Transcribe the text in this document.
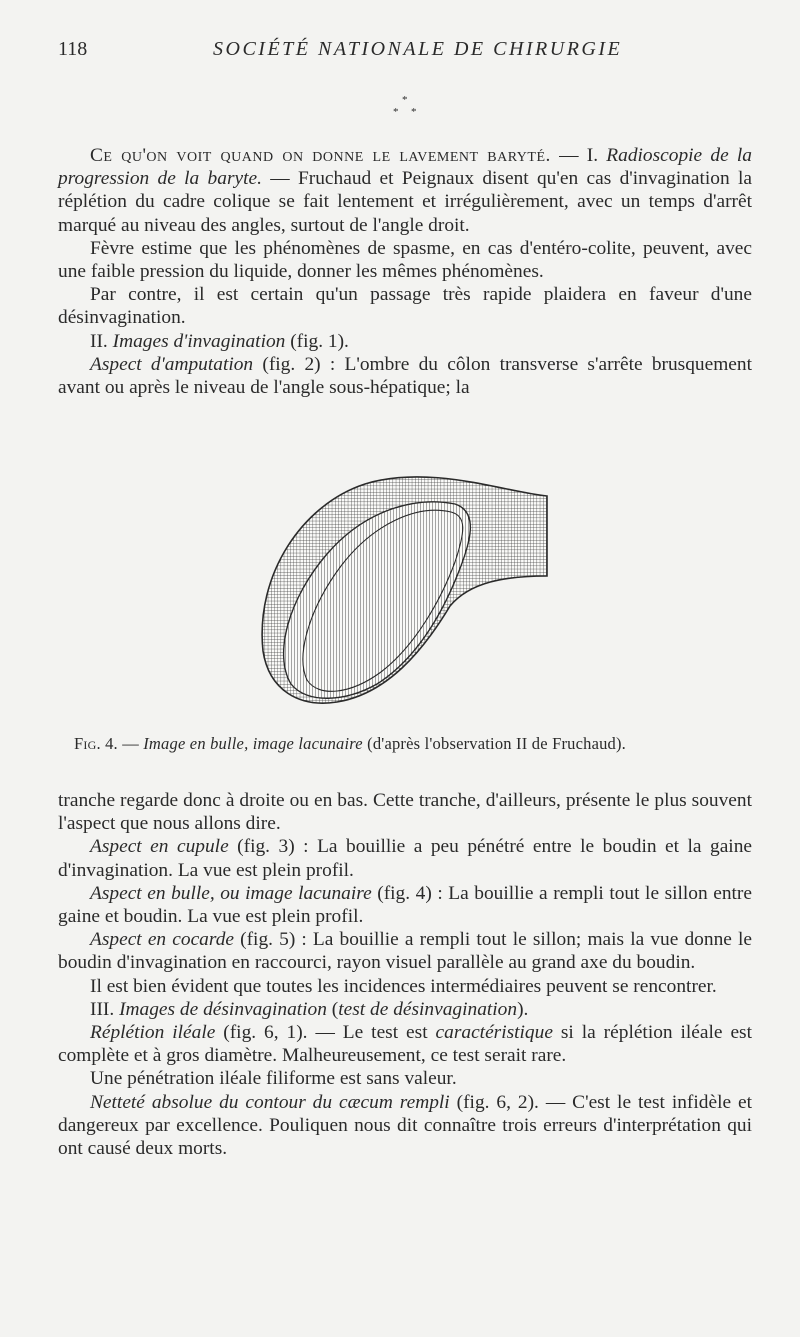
118	SOCIÉTÉ NATIONALE DE CHIRURGIE
*
* *

Ce qu'on voit quand on donne le lavement baryté. — I. Radioscopie de la progression de la baryte. — Fruchaud et Peignaux disent qu'en cas d'invagination la réplétion du cadre colique se fait lentement et irrégulièrement, avec un temps d'arrêt marqué au niveau des angles, surtout de l'angle droit.

Fèvre estime que les phénomènes de spasme, en cas d'entéro-colite, peuvent, avec une faible pression du liquide, donner les mêmes phénomènes.

Par contre, il est certain qu'un passage très rapide plaidera en faveur d'une désinvagination.

II. Images d'invagination (fig. 1).

Aspect d'amputation (fig. 2) : L'ombre du côlon transverse s'arrête brusquement avant ou après le niveau de l'angle sous-hépatique; la

Fig. 4. — Image en bulle, image lacunaire (d'après l'observation II de Fruchaud).

tranche regarde donc à droite ou en bas. Cette tranche, d'ailleurs, présente le plus souvent l'aspect que nous allons dire.

Aspect en cupule (fig. 3) : La bouillie a peu pénétré entre le boudin et la gaine d'invagination. La vue est plein profil.

Aspect en bulle, ou image lacunaire (fig. 4) : La bouillie a rempli tout le sillon entre gaine et boudin. La vue est plein profil.

Aspect en cocarde (fig. 5) : La bouillie a rempli tout le sillon; mais la vue donne le boudin d'invagination en raccourci, rayon visuel parallèle au grand axe du boudin.

Il est bien évident que toutes les incidences intermédiaires peuvent se rencontrer.

III. Images de désinvagination (test de désinvagination).

Réplétion iléale (fig. 6, 1). — Le test est caractéristique si la réplétion iléale est complète et à gros diamètre. Malheureusement, ce test serait rare.

Une pénétration iléale filiforme est sans valeur.

Netteté absolue du contour du cæcum rempli (fig. 6, 2). — C'est le test infidèle et dangereux par excellence. Pouliquen nous dit connaître trois erreurs d'interprétation qui ont causé deux morts.
